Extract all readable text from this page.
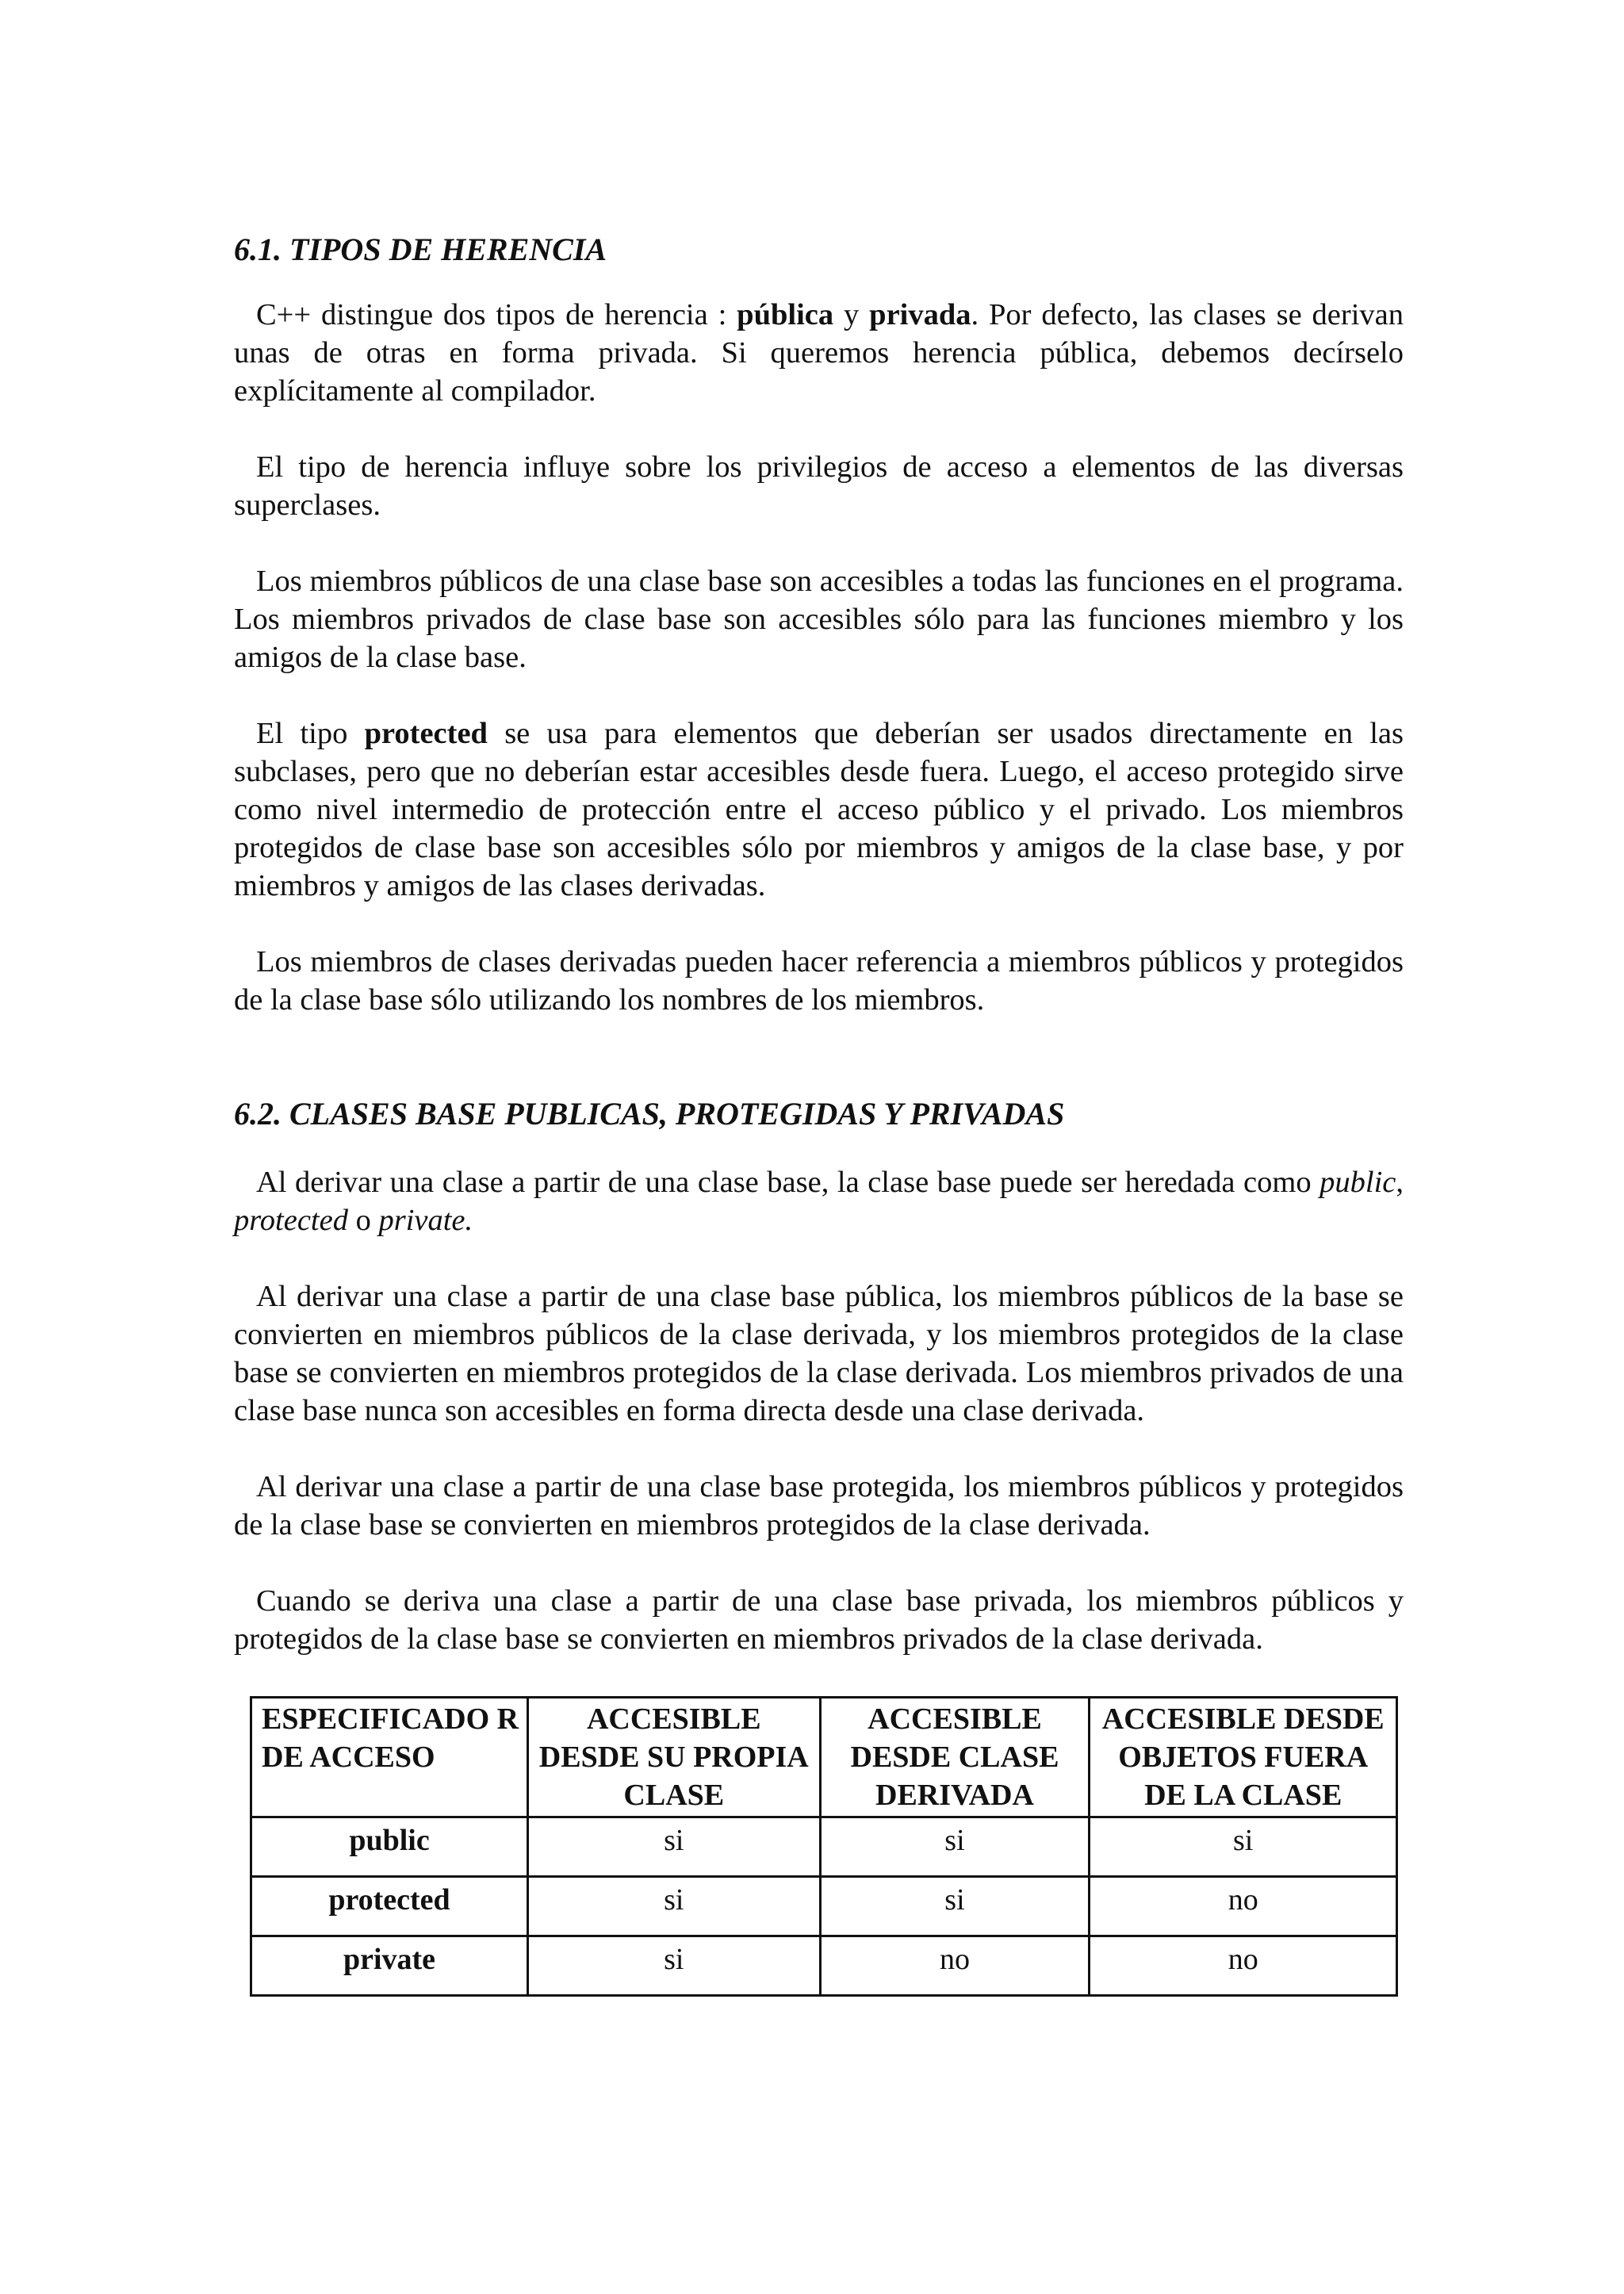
6.1. TIPOS DE HERENCIA

C++ distingue dos tipos de herencia : pública y privada. Por defecto, las clases se derivan unas de otras en forma privada. Si queremos herencia pública, debemos decírselo explícitamente al compilador.

El tipo de herencia influye sobre los privilegios de acceso a elementos de las diversas superclases.

Los miembros públicos de una clase base son accesibles a todas las funciones en el programa. Los miembros privados de clase base son accesibles sólo para las funciones miembro y los amigos de la clase base.

El tipo protected se usa para elementos que deberían ser usados directamente en las subclases, pero que no deberían estar accesibles desde fuera. Luego, el acceso protegido sirve como nivel intermedio de protección entre el acceso público y el privado. Los miembros protegidos de clase base son accesibles sólo por miembros y amigos de la clase base, y por miembros y amigos de las clases derivadas.

Los miembros de clases derivadas pueden hacer referencia a miembros públicos y protegidos de la clase base sólo utilizando los nombres de los miembros.

6.2. CLASES BASE PUBLICAS, PROTEGIDAS Y PRIVADAS

Al derivar una clase a partir de una clase base, la clase base puede ser heredada como public, protected o private.

Al derivar una clase a partir de una clase base pública, los miembros públicos de la base se convierten en miembros públicos de la clase derivada, y los miembros protegidos de la clase base se convierten en miembros protegidos de la clase derivada. Los miembros privados de una clase base nunca son accesibles en forma directa desde una clase derivada.

Al derivar una clase a partir de una clase base protegida, los miembros públicos y protegidos de la clase base se convierten en miembros protegidos de la clase derivada.

Cuando se deriva una clase a partir de una clase base privada, los miembros públicos y protegidos de la clase base se convierten en miembros privados de la clase derivada.

ESPECIFICADO R DE ACCESO	ACCESIBLE DESDE SU PROPIA CLASE	ACCESIBLE DESDE CLASE DERIVADA	ACCESIBLE DESDE OBJETOS FUERA DE LA CLASE
public	si	si	si
protected	si	si	no
private	si	no	no
